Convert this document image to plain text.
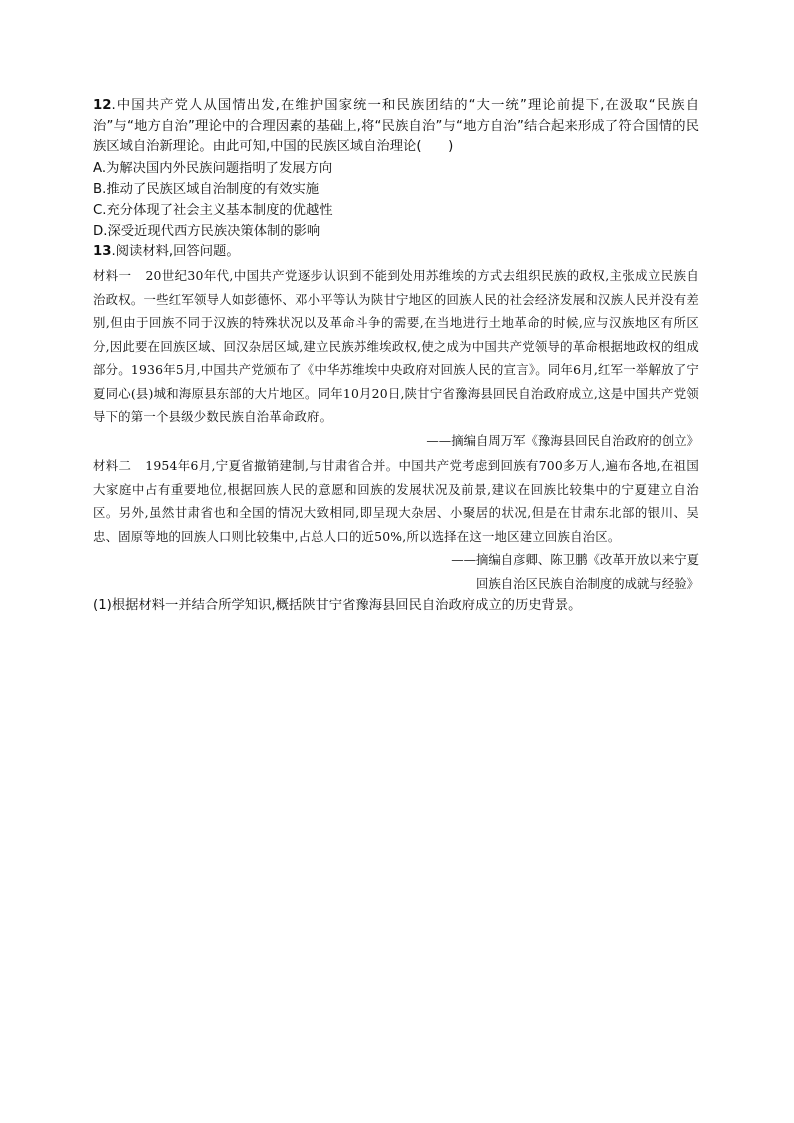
12.中国共产党人从国情出发,在维护国家统一和民族团结的“大一统”理论前提下,在汲取“民族自治”与“地方自治”理论中的合理因素的基础上,将“民族自治”与“地方自治”结合起来形成了符合国情的民族区域自治新理论。由此可知,中国的民族区域自治理论(　　)

A.为解决国内外民族问题指明了发展方向

B.推动了民族区域自治制度的有效实施

C.充分体现了社会主义基本制度的优越性

D.深受近现代西方民族决策体制的影响

13.阅读材料,回答问题。

材料一 20世纪30年代,中国共产党逐步认识到不能到处用苏维埃的方式去组织民族的政权,主张成立民族自治政权。一些红军领导人如彭德怀、邓小平等认为陕甘宁地区的回族人民的社会经济发展和汉族人民并没有差别,但由于回族不同于汉族的特殊状况以及革命斗争的需要,在当地进行土地革命的时候,应与汉族地区有所区分,因此要在回族区域、回汉杂居区域,建立民族苏维埃政权,使之成为中国共产党领导的革命根据地政权的组成部分。1936年5月,中国共产党颁布了《中华苏维埃中央政府对回族人民的宣言》。同年6月,红军一举解放了宁夏同心(县)城和海原县东部的大片地区。同年10月20日,陕甘宁省豫海县回民自治政府成立,这是中国共产党领导下的第一个县级少数民族自治革命政府。

——摘编自周万军《豫海县回民自治政府的创立》

材料二 1954年6月,宁夏省撤销建制,与甘肃省合并。中国共产党考虑到回族有700多万人,遍布各地,在祖国大家庭中占有重要地位,根据回族人民的意愿和回族的发展状况及前景,建议在回族比较集中的宁夏建立自治区。另外,虽然甘肃省也和全国的情况大致相同,即呈现大杂居、小聚居的状况,但是在甘肃东北部的银川、吴忠、固原等地的回族人口则比较集中,占总人口的近50%,所以选择在这一地区建立回族自治区。

——摘编自彦卿、陈卫鹏《改革开放以来宁夏

回族自治区民族自治制度的成就与经验》

(1)根据材料一并结合所学知识,概括陕甘宁省豫海县回民自治政府成立的历史背景。
